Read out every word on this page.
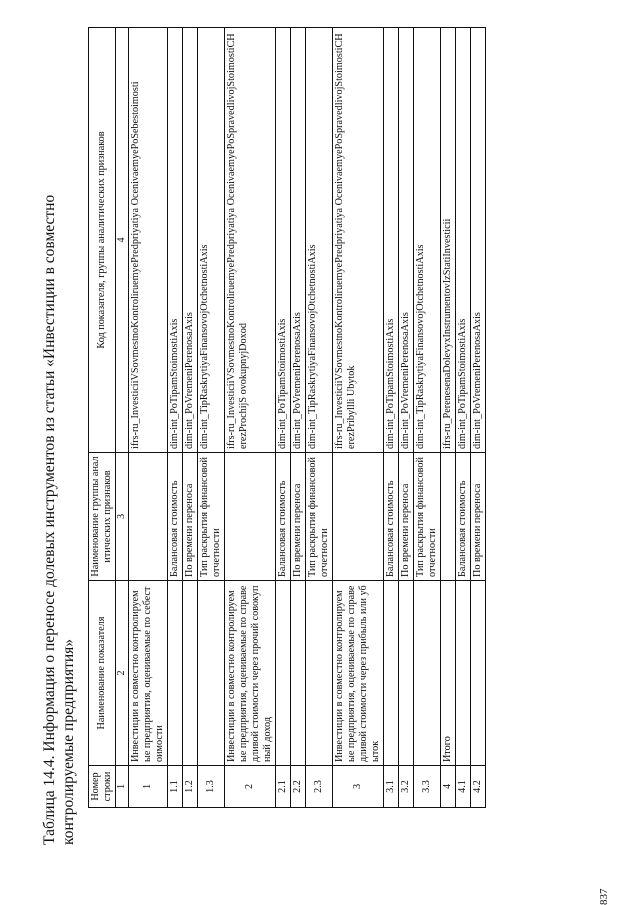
Таблица 14.4. Информация о переносе долевых инструментов из статьи «Инвестиции в совместно контролируемые предприятия» Номер строки	Наименование показателя	Наименование группы аналитических признаков	Код показателя, группы аналитических признаков
1	2	3	4
1	Инвестиции в совместно контролируемые предприятия, оцениваемые по себестоимости		ifrs-ru_InvesticiiVSovmestnoKontroliruemyePredpriyatiya OcenivaemyePoSebestoimosti
1.1		Балансовая стоимость	dim-int_PoTipamStoimostiAxis
1.2		По времени переноса	dim-int_PoVremeniPerenosaAxis
1.3		Тип раскрытия финансовой отчетности	dim-int_TipRaskrytiyaFinansovojOtchetnostiAxis
2	Инвестиции в совместно контролируемые предприятия, оцениваемые по справедливой стоимости через прочий совокупный доход		ifrs-ru_InvesticiiVSovmestnoKontroliruemyePredpriyatiya OcenivaemyePoSpravedlivojStoimostiCHerezProchijS ovokupnyjDoxod
2.1		Балансовая стоимость	dim-int_PoTipamStoimostiAxis
2.2		По времени переноса	dim-int_PoVremeniPerenosaAxis
2.3		Тип раскрытия финансовой отчетности	dim-int_TipRaskrytiyaFinansovojOtchetnostiAxis
3	Инвестиции в совместно контролируемые предприятия, оцениваемые по справедливой стоимости через прибыль или убыток		ifrs-ru_InvesticiiVSovmestnoKontroliruemyePredpriyatiya OcenivaemyePoSpravedlivojStoimostiCHerezPribyllli Ubytok
3.1		Балансовая стоимость	dim-int_PoTipamStoimostiAxis
3.2		По времени переноса	dim-int_PoVremeniPerenosaAxis
3.3		Тип раскрытия финансовой отчетности	dim-int_TipRaskrytiyaFinansovojOtchetnostiAxis
4	Итого		ifrs-ru_PerenesenaDolevyxInstrumentovIzStatiInvesticii
4.1		Балансовая стоимость	dim-int_PoTipamStoimostiAxis
4.2		По времени переноса	dim-int_PoVremeniPerenosaAxis
837
